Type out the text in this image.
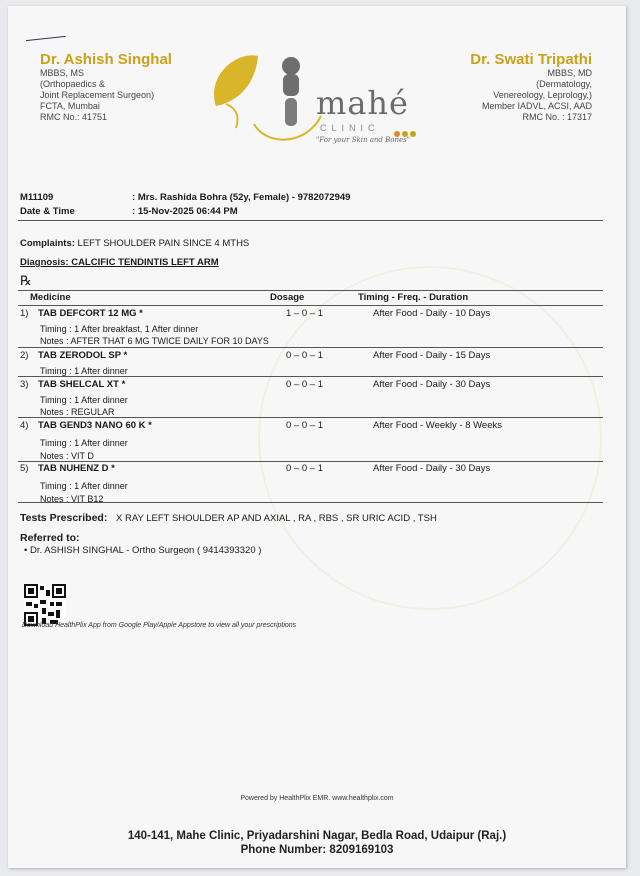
Dr. Ashish Singhal
MBBS, MS
(Orthopaedics &
Joint Replacement Surgeon)
FCTA, Mumbai
RMC No.: 41751	mahé
CLINIC
"For your Skin and Bones"
Dr. Swati Tripathi
MBBS, MD
(Dermatology,
Venereology, Leprology,)
Member IADVL, ACSI, AAD
RMC No. : 17317
M11109	: Mrs. Rashida Bohra (52y, Female) - 9782072949
Date & Time	: 15-Nov-2025 06:44 PM
Complaints: LEFT SHOULDER PAIN SINCE 4 MTHS
Diagnosis: CALCIFIC TENDINTIS LEFT ARM
℞
Medicine	Dosage	Timing - Freq. - Duration
1) TAB DEFCORT 12 MG *	1 – 0 – 1	After Food - Daily - 10 Days
Timing : 1 After breakfast, 1 After dinner
Notes : AFTER THAT 6 MG TWICE DAILY FOR 10 DAYS
2) TAB ZERODOL SP *	0 – 0 – 1	After Food - Daily - 15 Days
Timing : 1 After dinner
3) TAB SHELCAL XT *	0 – 0 – 1	After Food - Daily - 30 Days
Timing : 1 After dinner
Notes : REGULAR
4) TAB GEND3 NANO 60 K *	0 – 0 – 1	After Food - Weekly - 8 Weeks
Timing : 1 After dinner
Notes : VIT D
5) TAB NUHENZ D *	0 – 0 – 1	After Food - Daily - 30 Days
Timing : 1 After dinner
Notes : VIT B12
Tests Prescribed: X RAY LEFT SHOULDER AP AND AXIAL , RA , RBS , SR URIC ACID , TSH
Referred to:
• Dr. ASHISH SINGHAL - Ortho Surgeon ( 9414393320 )
Download HealthPlix App from Google Play/Apple Appstore to view all your prescriptions
Powered by HealthPlix EMR. www.healthplix.com
140-141, Mahe Clinic, Priyadarshini Nagar, Bedla Road, Udaipur (Raj.)
Phone Number: 8209169103
